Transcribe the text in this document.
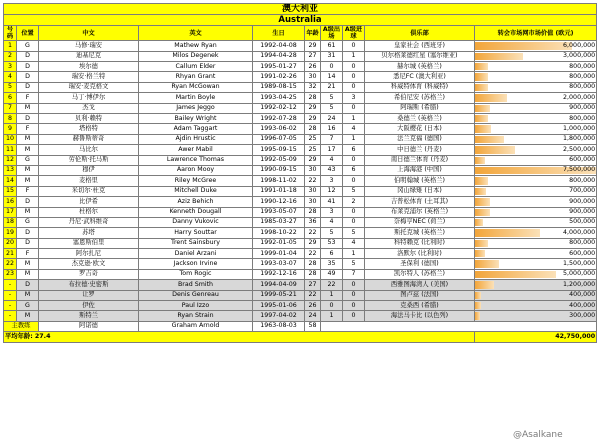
澳大利亚									
Australia									
号码	位置	中文	英文	生日	年龄	A级出场	A级进球	俱乐部	转会市场网市场价值 (欧元)
1	G	马修·瑞安	Mathew Ryan	1992-04-08	29	61	0	皇家社会 (西班牙)	6,000,000
2	D	迪基尼克	Milos Degenek	1994-04-28	27	31	1	贝尔格莱德红星 (塞尔维亚)	3,000,000
3	D	埃尔德	Callum Elder	1995-01-27	26	0	0	赫尔城 (英格兰)	800,000
4	D	瑞安·格兰特	Rhyan Grant	1991-02-26	30	14	0	悉尼FC (澳大利亚)	800,000
5	D	瑞安·麦克格文	Ryan McGowan	1989-08-15	32	21	0	科威特体育 (科威特)	800,000
6	F	马丁·博伊尔	Martin Boyle	1993-04-25	28	5	3	希伯尼安 (苏格兰)	2,000,000
7	M	杰戈	James Jeggo	1992-02-12	29	5	0	阿瑞斯 (希腊)	900,000
8	D	贝利·赖特	Bailey Wright	1992-07-28	29	24	1	桑德兰 (英格兰)	800,000
9	F	塔格特	Adam Taggart	1993-06-02	28	16	4	大阪樱花 (日本)	1,000,000
10	M	赫鲁斯蒂奇	Ajdin Hrustic	1996-07-05	25	7	1	法兰克福 (德国)	1,800,000
11	M	马比尔	Awer Mabil	1995-09-15	25	17	6	中日德兰 (丹麦)	2,500,000
12	G	劳伦斯·托马斯	Lawrence Thomas	1992-05-09	29	4	0	南日德兰体育 (丹麦)	600,000
13	M	穆伊	Aaron Mooy	1990-09-15	30	43	6	上海海港 (中国)	7,500,000
14	M	麦格里	Riley McGree	1998-11-02	22	3	0	伯明翰城 (英格兰)	800,000
15	F	米切尔·杜克	Mitchell Duke	1991-01-18	30	12	5	冈山绿雉 (日本)	700,000
16	D	比伊希	Aziz Behich	1990-12-16	30	41	2	吉普松体育 (土耳其)	900,000
17	M	杜格尔	Kenneth Dougall	1993-05-07	28	3	0	布莱克浦尔 (英格兰)	900,000
18	G	丹尼·武科维奇	Danny Vukovic	1985-03-27	36	4	0	奈梅亨NEC (荷兰)	500,000
19	D	苏塔	Harry Souttar	1998-10-22	22	5	5	斯托克城 (英格兰)	4,000,000
20	D	塞恩斯伯里	Trent Sainsbury	1992-01-05	29	53	4	科特赖克 (比利时)	800,000
21	F	阿尔扎尼	Daniel Arzani	1999-01-04	22	6	1	洛默尔 (比利时)	600,000
22	M	杰克逊·欧文	Jackson Irvine	1993-03-07	28	35	5	圣保利 (德国)	1,500,000
23	M	罗吉奇	Tom Rogic	1992-12-16	28	49	7	凯尔特人 (苏格兰)	5,000,000
-	D	布拉德·史密斯	Brad Smith	1994-04-09	27	22	0	西雅图海湾人 (美国)	1,200,000
-	M	让罗	Denis Genreau	1999-05-21	22	1	0	图卢兹 (法国)	400,000
-	G	伊佐	Paul Izzo	1995-01-06	26	0	0	克桑西 (希腊)	400,000
-	M	斯特兰	Ryan Strain	1997-04-02	24	1	0	海法马卡比 (以色列)	300,000
主教练		阿诺德	Graham Arnold	1963-08-03	58				
平均年龄: 27.4									42,750,000
@Asalkane
